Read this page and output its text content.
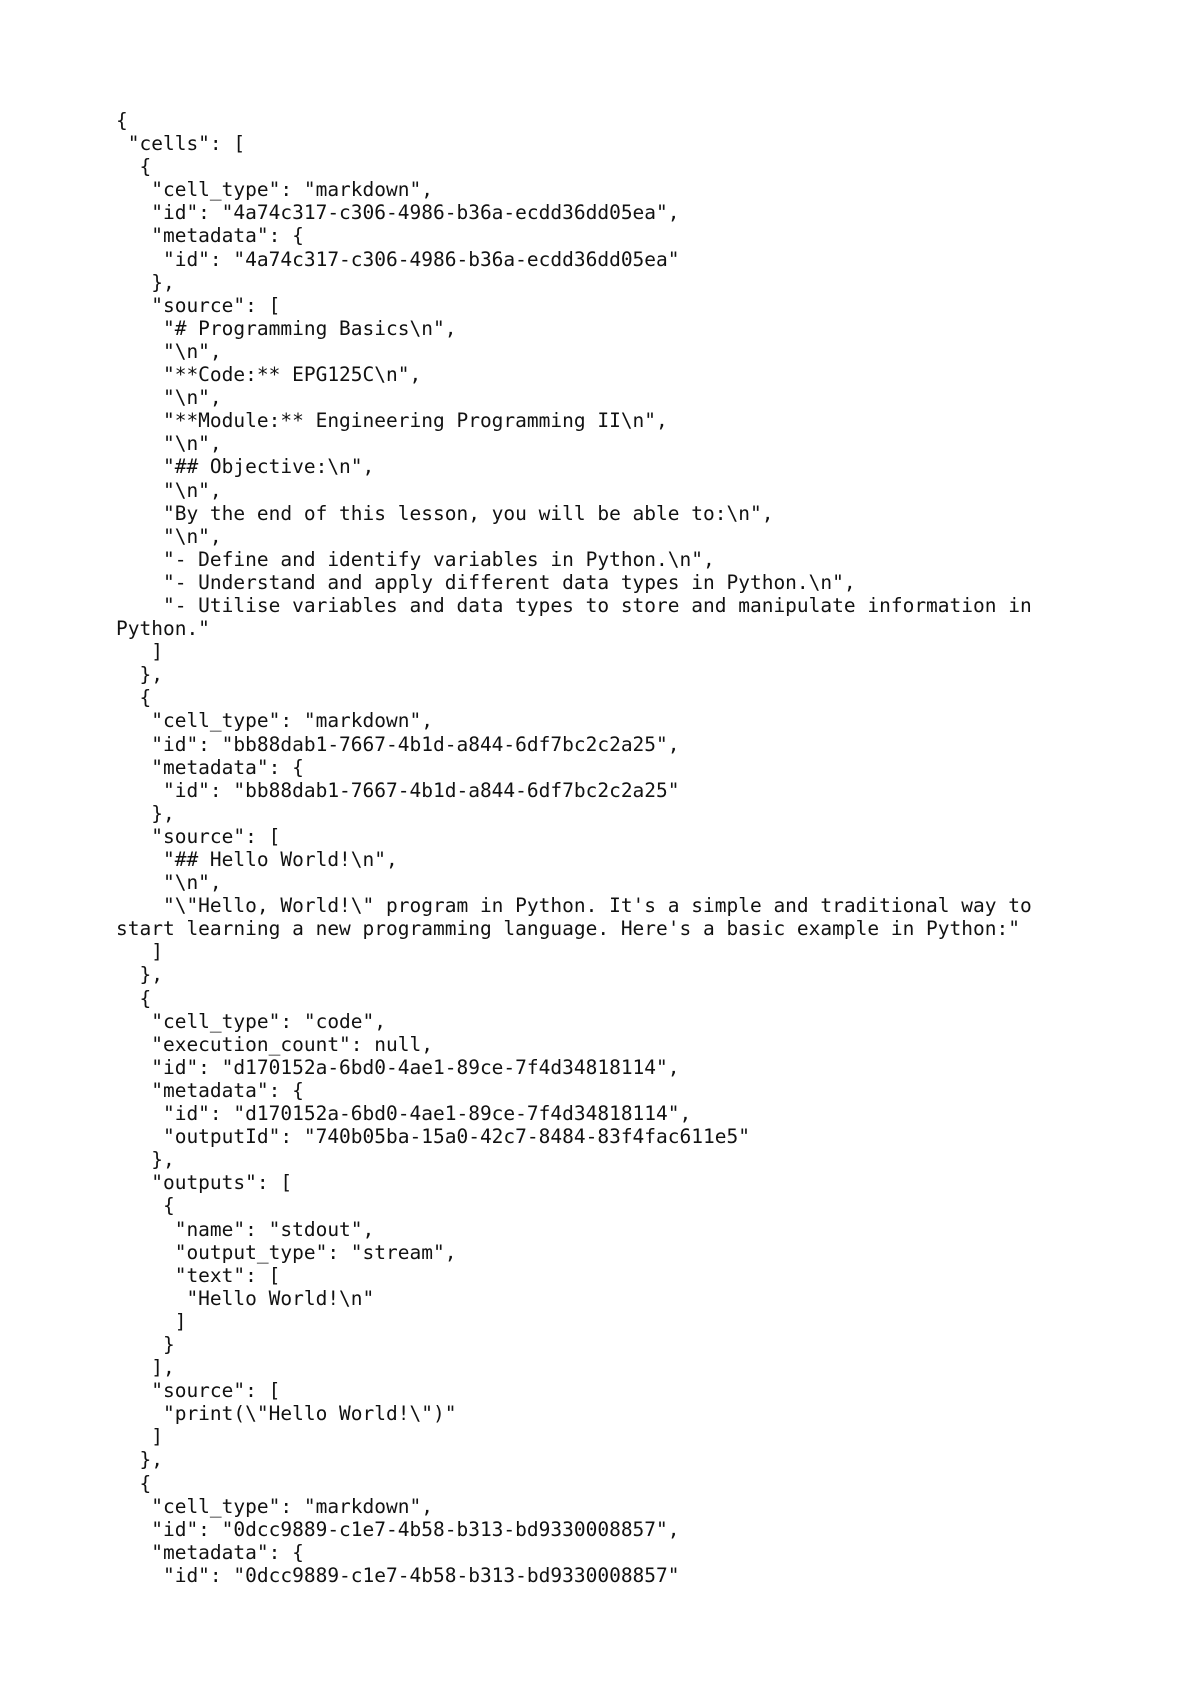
{
"cells": [
{
"cell_type": "markdown",
"id": "4a74c317-c306-4986-b36a-ecdd36dd05ea",
"metadata": {
"id": "4a74c317-c306-4986-b36a-ecdd36dd05ea"
},
"source": [
"# Programming Basics\n",
"\n",
"**Code:** EPG125C\n",
"\n",
"**Module:** Engineering Programming II\n",
"\n",
"## Objective:\n",
"\n",
"By the end of this lesson, you will be able to:\n",
"\n",
"- Define and identify variables in Python.\n",
"- Understand and apply different data types in Python.\n",
"- Utilise variables and data types to store and manipulate information in
Python."
]
},
{
"cell_type": "markdown",
"id": "bb88dab1-7667-4b1d-a844-6df7bc2c2a25",
"metadata": {
"id": "bb88dab1-7667-4b1d-a844-6df7bc2c2a25"
},
"source": [
"## Hello World!\n",
"\n",
"\"Hello, World!\" program in Python. It's a simple and traditional way to
start learning a new programming language. Here's a basic example in Python:"
]
},
{
"cell_type": "code",
"execution_count": null,
"id": "d170152a-6bd0-4ae1-89ce-7f4d34818114",
"metadata": {
"id": "d170152a-6bd0-4ae1-89ce-7f4d34818114",
"outputId": "740b05ba-15a0-42c7-8484-83f4fac611e5"
},
"outputs": [
{
"name": "stdout",
"output_type": "stream",
"text": [
"Hello World!\n"
]
}
],
"source": [
"print(\"Hello World!\")"
]
},
{
"cell_type": "markdown",
"id": "0dcc9889-c1e7-4b58-b313-bd9330008857",
"metadata": {
"id": "0dcc9889-c1e7-4b58-b313-bd9330008857"
